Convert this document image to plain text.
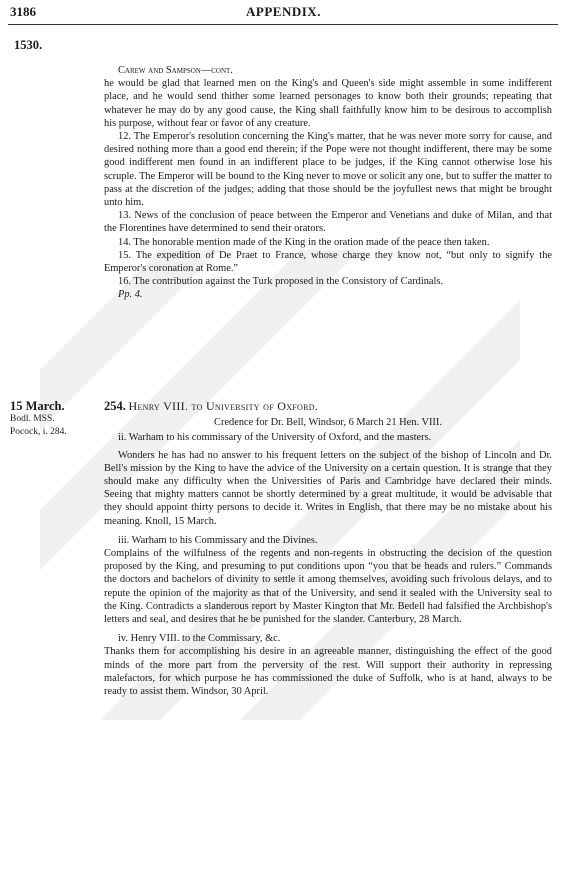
3186	APPENDIX.
1530.

Carew and Sampson—cont.

he would be glad that learned men on the King's and Queen's side might assemble in some indifferent place, and he would send thither some learned personages to know both their grounds; repeating that whatever he may do by any good cause, the King shall faithfully know him to be desirous to accomplish his purpose, without fear or favor of any creature.

12. The Emperor's resolution concerning the King's matter, that he was never more sorry for cause, and desired nothing more than a good end therein; if the Pope were not thought indifferent, there may be some good indifferent men found in an indifferent place to be judges, if the King cannot otherwise lose his scruple. The Emperor will be bound to the King never to move or solicit any one, but to suffer the matter to pass at the discretion of the judges; adding that those should be the joyfullest news that might be brought unto him.

13. News of the conclusion of peace between the Emperor and Venetians and duke of Milan, and that the Florentines have determined to send their orators.

14. The honorable mention made of the King in the oration made of the peace then taken.

15. The expedition of De Praet to France, whose charge they know not, “but only to signify the Emperor's coronation at Rome.”

16. The contribution against the Turk proposed in the Consistory of Cardinals.

Pp. 4.

15 March.
Bodl. MSS.
Pocock, i. 284.

254. Henry VIII. to University of Oxford.

Credence for Dr. Bell, Windsor, 6 March 21 Hen. VIII.

ii. Warham to his commissary of the University of Oxford, and the masters.

Wonders he has had no answer to his frequent letters on the subject of the bishop of Lincoln and Dr. Bell's mission by the King to have the advice of the University on a certain question. It is strange that they should make any difficulty when the Universities of Paris and Cambridge have declared their minds. Seeing that mighty matters cannot be shortly determined by a great multitude, it would be advisable that they should appoint thirty persons to decide it. Writes in English, that there may be no mistake about his meaning. Knoll, 15 March.

iii. Warham to his Commissary and the Divines.

Complains of the wilfulness of the regents and non-regents in obstructing the decision of the question proposed by the King, and presuming to put conditions upon “you that be heads and rulers.” Commands the doctors and bachelors of divinity to settle it among themselves, avoiding such frivolous delays, and to repute the opinion of the majority as that of the University, and send it sealed with the University seal to the King. Contradicts a slanderous report by Master Kington that Mr. Bedell had falsified the Archbishop's letters and seal, and desires that he be punished for the slander. Canterbury, 28 March.

iv. Henry VIII. to the Commissary, &c.

Thanks them for accomplishing his desire in an agreeable manner, distinguishing the effect of the good minds of the more part from the perversity of the rest. Will support their authority in repressing malefactors, for which purpose he has commissioned the duke of Suffolk, who is at hand, always to be ready to assist them. Windsor, 30 April.
